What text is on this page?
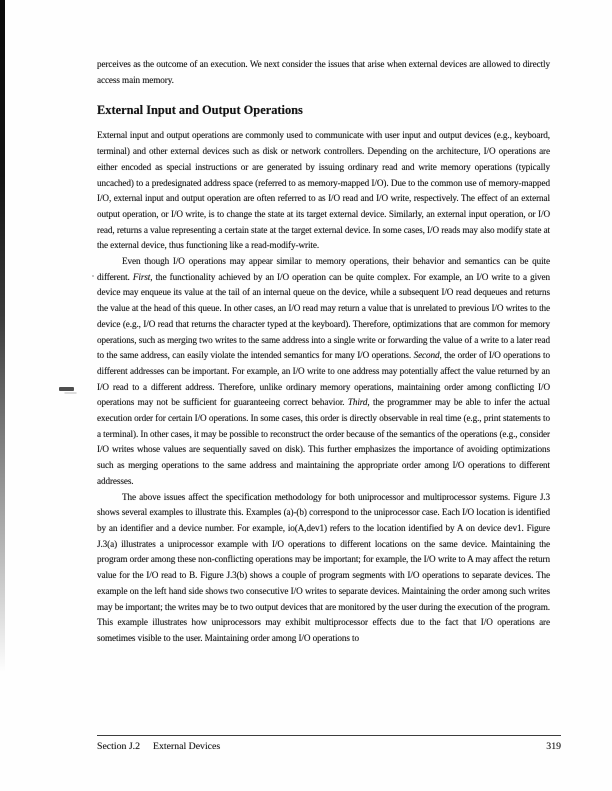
perceives as the outcome of an execution. We next consider the issues that arise when external devices are allowed to directly access main memory.

External Input and Output Operations

External input and output operations are commonly used to communicate with user input and output devices (e.g., keyboard, terminal) and other external devices such as disk or network controllers. Depending on the architecture, I/O operations are either encoded as special instructions or are generated by issuing ordinary read and write memory operations (typically uncached) to a predesignated address space (referred to as memory-mapped I/O). Due to the common use of memory-mapped I/O, external input and output operation are often referred to as I/O read and I/O write, respectively. The effect of an external output operation, or I/O write, is to change the state at its target external device. Similarly, an external input operation, or I/O read, returns a value representing a certain state at the target external device. In some cases, I/O reads may also modify state at the external device, thus functioning like a read-modify-write.

Even though I/O operations may appear similar to memory operations, their behavior and semantics can be quite different. First, the functionality achieved by an I/O operation can be quite complex. For example, an I/O write to a given device may enqueue its value at the tail of an internal queue on the device, while a subsequent I/O read dequeues and returns the value at the head of this queue. In other cases, an I/O read may return a value that is unrelated to previous I/O writes to the device (e.g., I/O read that returns the character typed at the keyboard). Therefore, optimizations that are common for memory operations, such as merging two writes to the same address into a single write or forwarding the value of a write to a later read to the same address, can easily violate the intended semantics for many I/O operations. Second, the order of I/O operations to different addresses can be important. For example, an I/O write to one address may potentially affect the value returned by an I/O read to a different address. Therefore, unlike ordinary memory operations, maintaining order among conflicting I/O operations may not be sufficient for guaranteeing correct behavior. Third, the programmer may be able to infer the actual execution order for certain I/O operations. In some cases, this order is directly observable in real time (e.g., print statements to a terminal). In other cases, it may be possible to reconstruct the order because of the semantics of the operations (e.g., consider I/O writes whose values are sequentially saved on disk). This further emphasizes the importance of avoiding optimizations such as merging operations to the same address and maintaining the appropriate order among I/O operations to different addresses.

The above issues affect the specification methodology for both uniprocessor and multiprocessor systems. Figure J.3 shows several examples to illustrate this. Examples (a)-(b) correspond to the uniprocessor case. Each I/O location is identified by an identifier and a device number. For example, io(A,dev1) refers to the location identified by A on device dev1. Figure J.3(a) illustrates a uniprocessor example with I/O operations to different locations on the same device. Maintaining the program order among these non-conflicting operations may be important; for example, the I/O write to A may affect the return value for the I/O read to B. Figure J.3(b) shows a couple of program segments with I/O operations to separate devices. The example on the left hand side shows two consecutive I/O writes to separate devices. Maintaining the order among such writes may be important; the writes may be to two output devices that are monitored by the user during the execution of the program. This example illustrates how uniprocessors may exhibit multiprocessor effects due to the fact that I/O operations are sometimes visible to the user. Maintaining order among I/O operations to

Section J.2 External Devices	319
